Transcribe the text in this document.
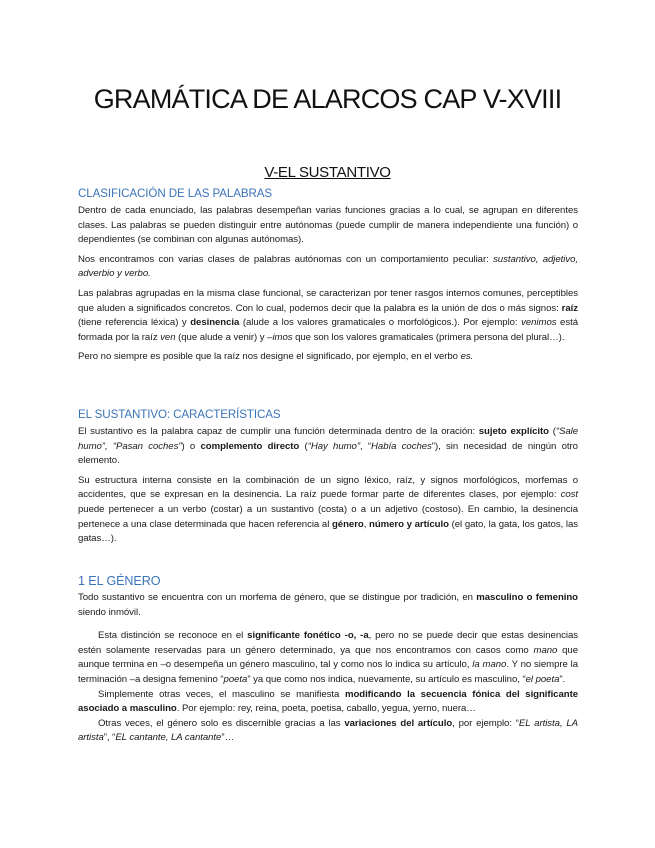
GRAMÁTICA DE ALARCOS CAP V-XVIII
V-EL SUSTANTIVO
CLASIFICACIÓN DE LAS PALABRAS
Dentro de cada enunciado, las palabras desempeñan varias funciones gracias a lo cual, se agrupan en diferentes clases. Las palabras se pueden distinguir entre autónomas (puede cumplir de manera independiente una función) o dependientes (se combinan con algunas autónomas).
Nos encontramos con varias clases de palabras autónomas con un comportamiento peculiar: sustantivo, adjetivo, adverbio y verbo.
Las palabras agrupadas en la misma clase funcional, se caracterizan por tener rasgos internos comunes, perceptibles que aluden a significados concretos. Con lo cual, podemos decir que la palabra es la unión de dos o más signos: raíz (tiene referencia léxica) y desinencia (alude a los valores gramaticales o morfológicos.). Por ejemplo: venimos está formada por la raíz ven (que alude a venir) y –imos que son los valores gramaticales (primera persona del plural…).
Pero no siempre es posible que la raíz nos designe el significado, por ejemplo, en el verbo es.
EL SUSTANTIVO: CARACTERÍSTICAS
El sustantivo es la palabra capaz de cumplir una función determinada dentro de la oración: sujeto explícito (“Sale humo”, “Pasan coches”) o complemento directo (“Hay humo”, “Había coches”), sin necesidad de ningún otro elemento.
Su estructura interna consiste en la combinación de un signo léxico, raíz, y signos morfológicos, morfemas o accidentes, que se expresan en la desinencia. La raíz puede formar parte de diferentes clases, por ejemplo: cost puede pertenecer a un verbo (costar) a un sustantivo (costa) o a un adjetivo (costoso). En cambio, la desinencia pertenece a una clase determinada que hacen referencia al género, número y artículo (el gato, la gata, los gatos, las gatas…).
1 EL GÉNERO
Todo sustantivo se encuentra con un morfema de género, que se distingue por tradición, en masculino o femenino siendo inmóvil.
Esta distinción se reconoce en el significante fonético -o, -a, pero no se puede decir que estas desinencias estén solamente reservadas para un género determinado, ya que nos encontramos con casos como mano que aunque termina en –o desempeña un género masculino, tal y como nos lo indica su artículo, la mano. Y no siempre la terminación –a designa femenino “poeta” ya que como nos indica, nuevamente, su artículo es masculino, “el poeta”.
Simplemente otras veces, el masculino se manifiesta modificando la secuencia fónica del significante asociado a masculino. Por ejemplo: rey, reina, poeta, poetisa, caballo, yegua, yerno, nuera…
Otras veces, el género solo es discernible gracias a las variaciones del artículo, por ejemplo: “EL artista, LA artista”, “EL cantante, LA cantante”…
